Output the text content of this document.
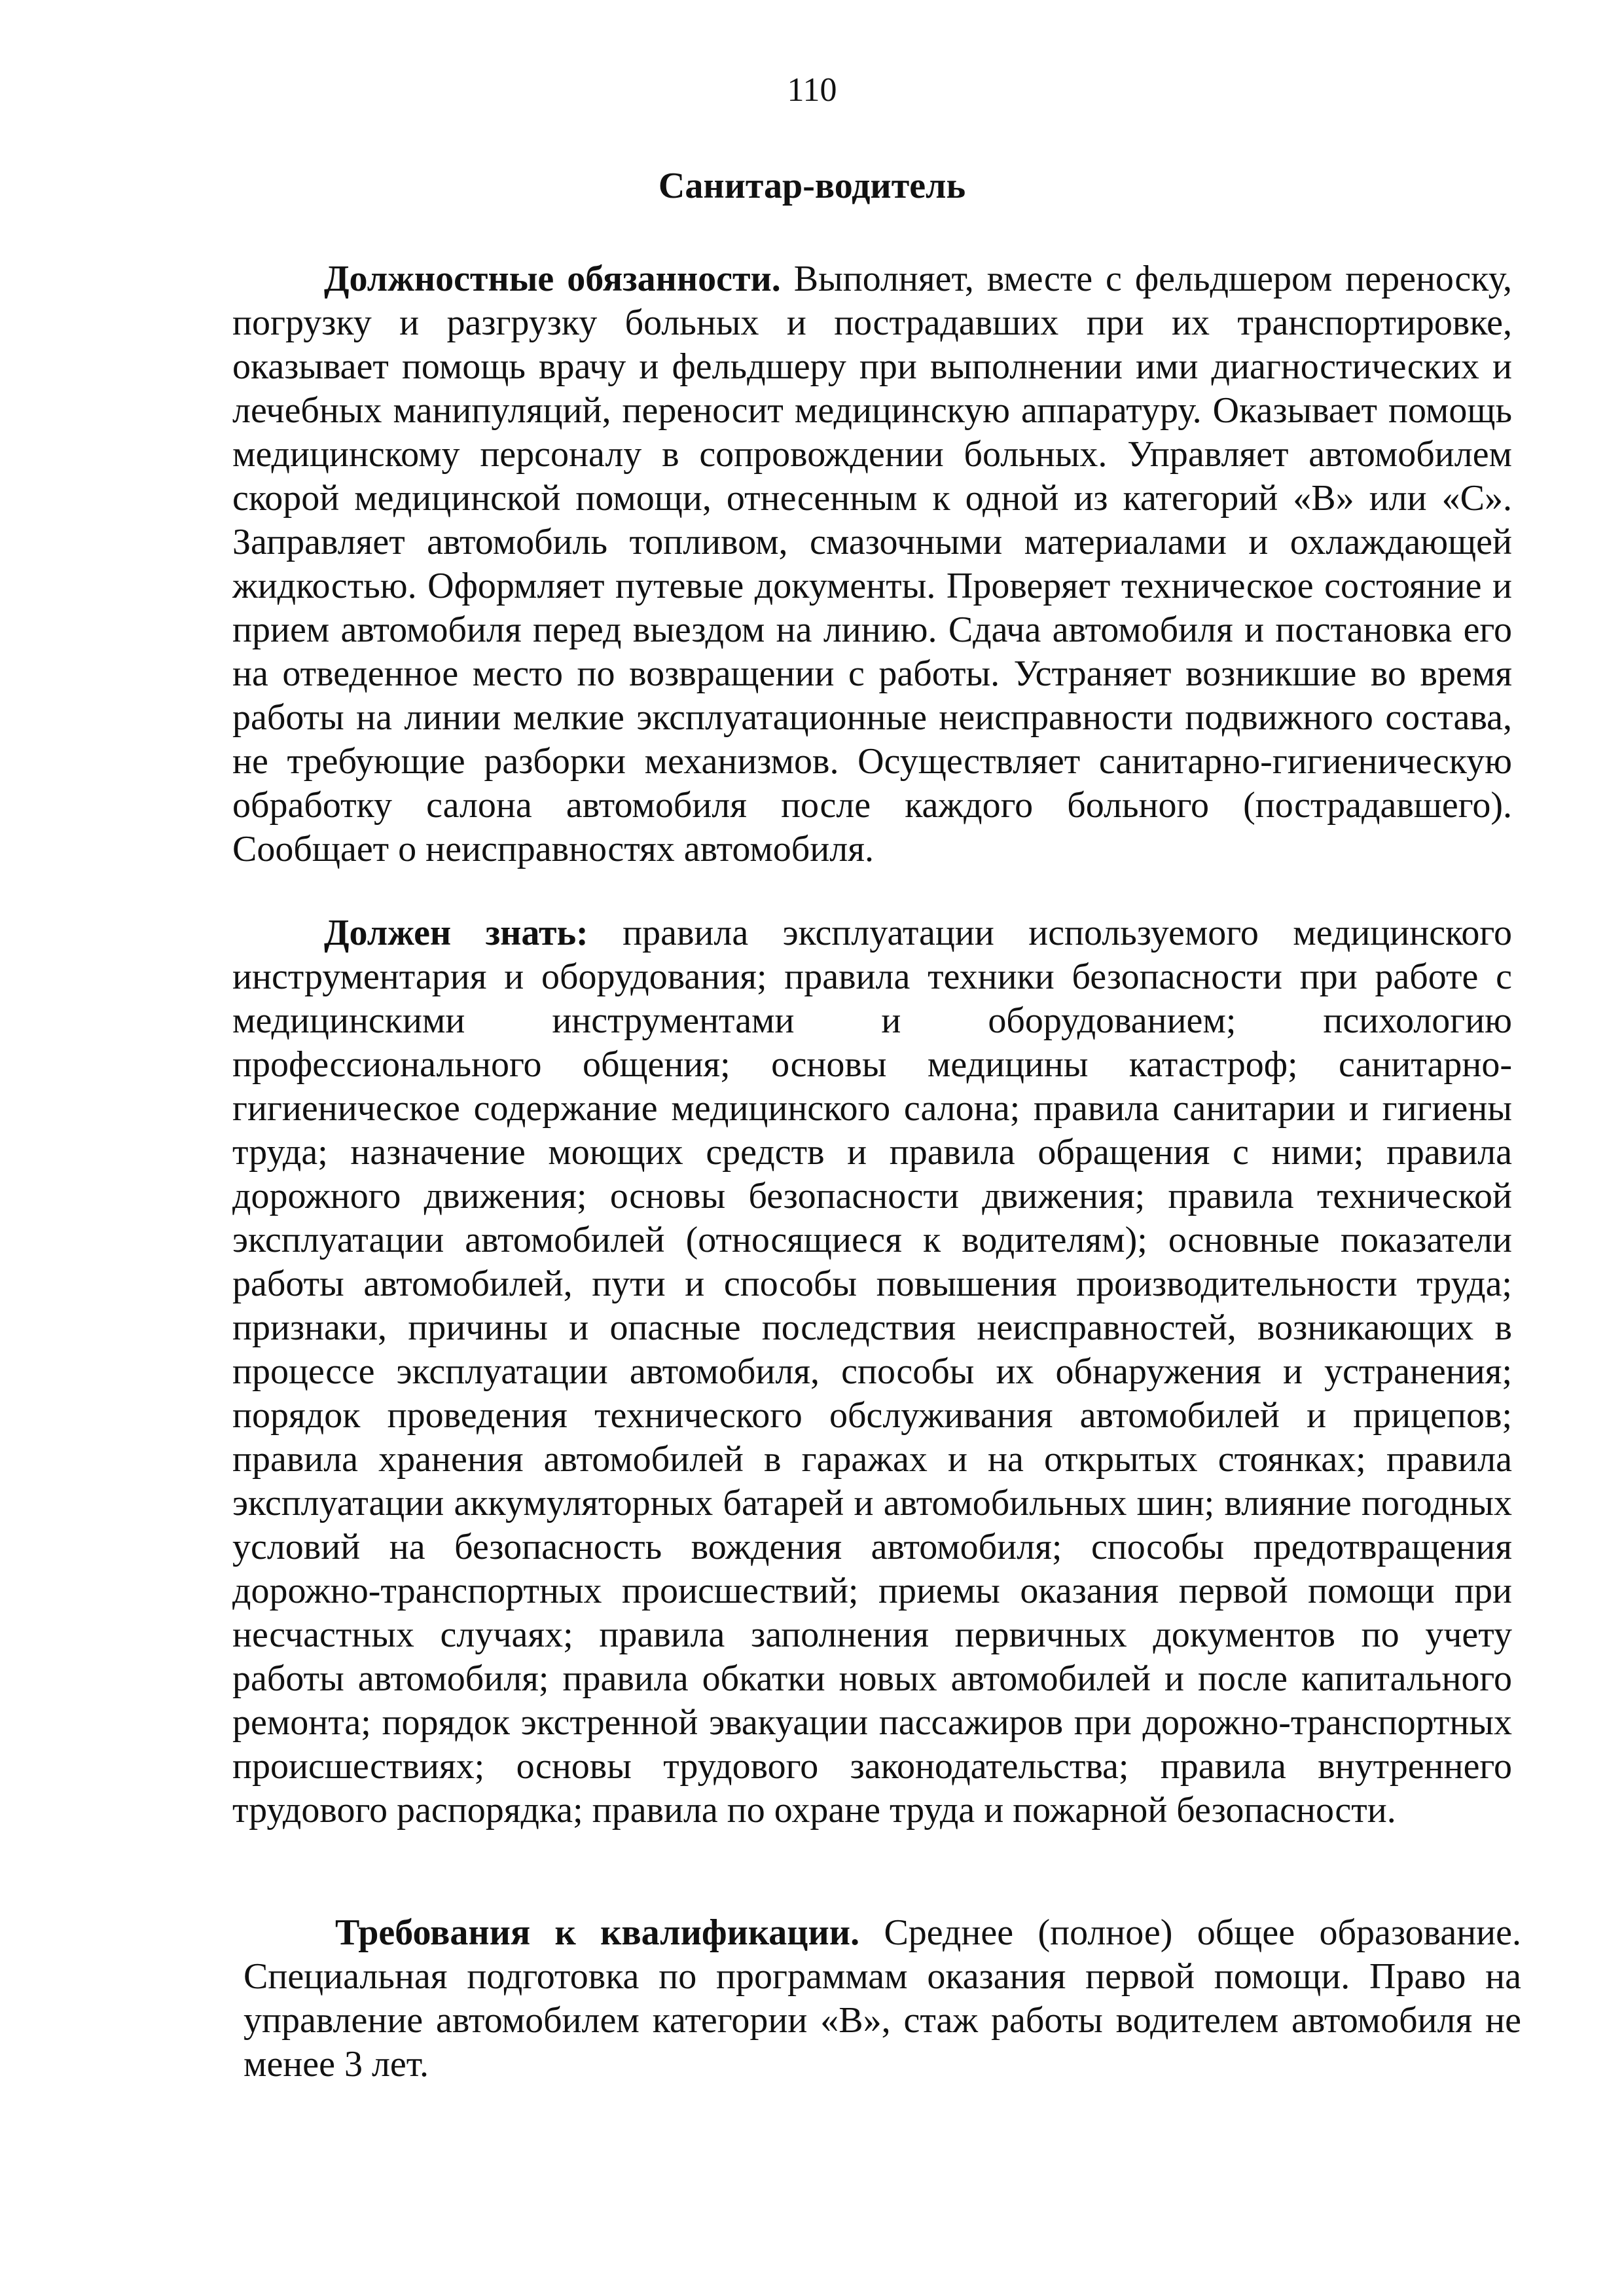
110
Санитар-водитель

Должностные обязанности. Выполняет, вместе с фельдшером переноску, погрузку и разгрузку больных и пострадавших при их транспортировке, оказывает помощь врачу и фельдшеру при выполнении ими диагностических и лечебных манипуляций, переносит медицинскую аппаратуру. Оказывает помощь медицинскому персоналу в сопровождении больных. Управляет автомобилем скорой медицинской помощи, отнесенным к одной из категорий «В» или «С». Заправляет автомобиль топливом, смазочными материалами и охлаждающей жидкостью. Оформляет путевые документы. Проверяет техническое состояние и прием автомобиля перед выездом на линию. Сдача автомобиля и постановка его на отведенное место по возвращении с работы. Устраняет возникшие во время работы на линии мелкие эксплуатационные неисправности подвижного состава, не требующие разборки механизмов. Осуществляет санитарно-гигиеническую обработку салона автомобиля после каждого больного (пострадавшего). Сообщает о неисправностях автомобиля.

Должен знать: правила эксплуатации используемого медицинского инструментария и оборудования; правила техники безопасности при работе с медицинскими инструментами и оборудованием; психологию профессионального общения; основы медицины катастроф; санитарно-гигиеническое содержание медицинского салона; правила санитарии и гигиены труда; назначение моющих средств и правила обращения с ними; правила дорожного движения; основы безопасности движения; правила технической эксплуатации автомобилей (относящиеся к водителям); основные показатели работы автомобилей, пути и способы повышения производительности труда; признаки, причины и опасные последствия неисправностей, возникающих в процессе эксплуатации автомобиля, способы их обнаружения и устранения; порядок проведения технического обслуживания автомобилей и прицепов; правила хранения автомобилей в гаражах и на открытых стоянках; правила эксплуатации аккумуляторных батарей и автомобильных шин; влияние погодных условий на безопасность вождения автомобиля; способы предотвращения дорожно-транспортных происшествий; приемы оказания первой помощи при несчастных случаях; правила заполнения первичных документов по учету работы автомобиля; правила обкатки новых автомобилей и после капитального ремонта; порядок экстренной эвакуации пассажиров при дорожно-транспортных происшествиях; основы трудового законодательства; правила внутреннего трудового распорядка; правила по охране труда и пожарной безопасности.

Требования к квалификации. Среднее (полное) общее образование. Специальная подготовка по программам оказания первой помощи. Право на управление автомобилем категории «В», стаж работы водителем автомобиля не менее 3 лет.
